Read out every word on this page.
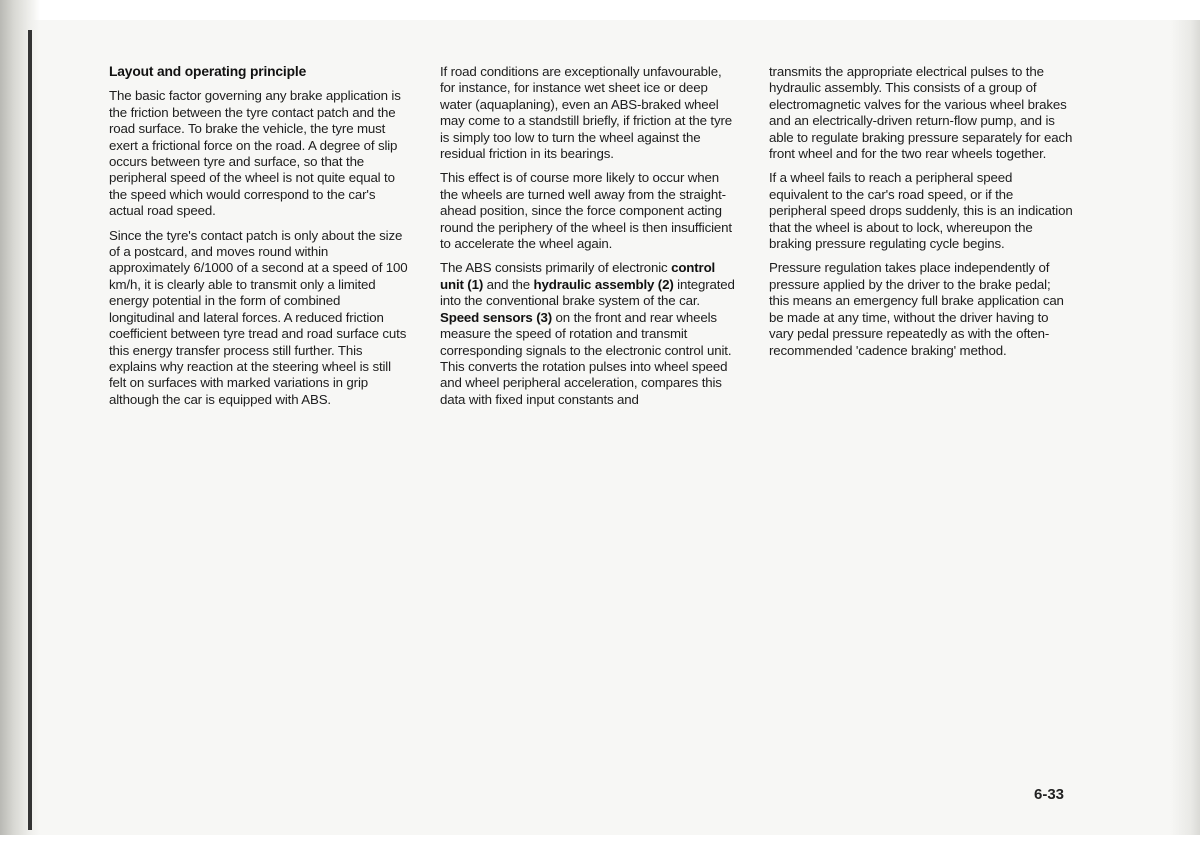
Layout and operating principle

The basic factor governing any brake application is the friction between the tyre contact patch and the road surface. To brake the vehicle, the tyre must exert a frictional force on the road. A degree of slip occurs between tyre and surface, so that the peripheral speed of the wheel is not quite equal to the speed which would correspond to the car's actual road speed.

Since the tyre's contact patch is only about the size of a postcard, and moves round within approximately 6/1000 of a second at a speed of 100 km/h, it is clearly able to transmit only a limited energy potential in the form of combined longitudinal and lateral forces. A reduced friction coefficient between tyre tread and road surface cuts this energy transfer process still further. This explains why reaction at the steering wheel is still felt on surfaces with marked variations in grip although the car is equipped with ABS.

If road conditions are exceptionally unfavourable, for instance, for instance wet sheet ice or deep water (aquaplaning), even an ABS-braked wheel may come to a standstill briefly, if friction at the tyre is simply too low to turn the wheel against the residual friction in its bearings.

This effect is of course more likely to occur when the wheels are turned well away from the straight-ahead position, since the force component acting round the periphery of the wheel is then insufficient to accelerate the wheel again.

The ABS consists primarily of electronic control unit (1) and the hydraulic assembly (2) integrated into the conventional brake system of the car. Speed sensors (3) on the front and rear wheels measure the speed of rotation and transmit corresponding signals to the electronic control unit. This converts the rotation pulses into wheel speed and wheel peripheral acceleration, compares this data with fixed input constants and

transmits the appropriate electrical pulses to the hydraulic assembly. This consists of a group of electromagnetic valves for the various wheel brakes and an electrically-driven return-flow pump, and is able to regulate braking pressure separately for each front wheel and for the two rear wheels together.

If a wheel fails to reach a peripheral speed equivalent to the car's road speed, or if the peripheral speed drops suddenly, this is an indication that the wheel is about to lock, whereupon the braking pressure regulating cycle begins.

Pressure regulation takes place independently of pressure applied by the driver to the brake pedal; this means an emergency full brake application can be made at any time, without the driver having to vary pedal pressure repeatedly as with the often-recommended 'cadence braking' method.

6-33
